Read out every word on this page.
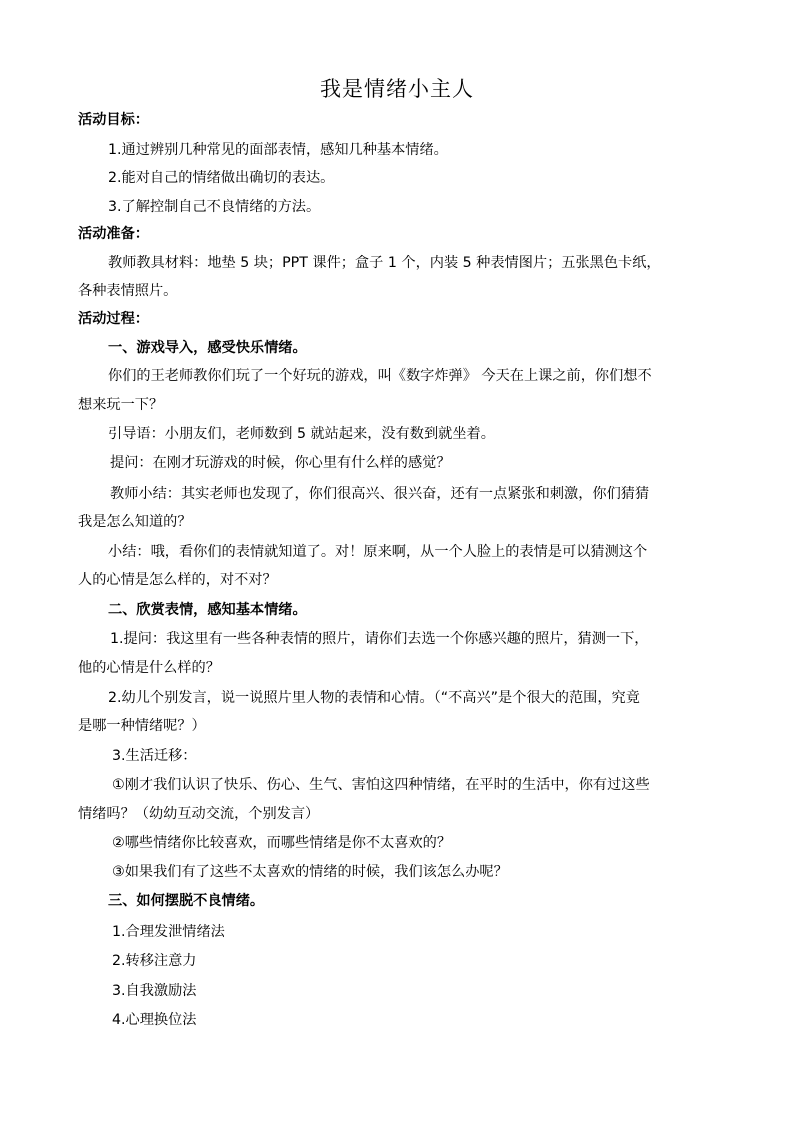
我是情绪小主人
活动目标：
1.通过辨别几种常见的面部表情，感知几种基本情绪。
2.能对自己的情绪做出确切的表达。
3.了解控制自己不良情绪的方法。
活动准备：
教师教具材料：地垫 5 块；PPT 课件；盒子 1 个，内装 5 种表情图片；五张黑色卡纸，
各种表情照片。
活动过程：
一、游戏导入，感受快乐情绪。
你们的王老师教你们玩了一个好玩的游戏，叫《数字炸弹》 今天在上课之前，你们想不
想来玩一下？
引导语：小朋友们，老师数到 5 就站起来，没有数到就坐着。
提问：在刚才玩游戏的时候，你心里有什么样的感觉？
教师小结：其实老师也发现了，你们很高兴、很兴奋，还有一点紧张和刺激，你们猜猜
我是怎么知道的？
小结：哦，看你们的表情就知道了。对！原来啊，从一个人脸上的表情是可以猜测这个
人的心情是怎么样的，对不对？
二、欣赏表情，感知基本情绪。
1.提问：我这里有一些各种表情的照片，请你们去选一个你感兴趣的照片，猜测一下，
他的心情是什么样的？
2.幼儿个别发言，说一说照片里人物的表情和心情。（“不高兴”是个很大的范围，究竟
是哪一种情绪呢？）
3.生活迁移：
①刚才我们认识了快乐、伤心、生气、害怕这四种情绪，在平时的生活中，你有过这些
情绪吗？（幼幼互动交流，个别发言）
②哪些情绪你比较喜欢，而哪些情绪是你不太喜欢的？
③如果我们有了这些不太喜欢的情绪的时候，我们该怎么办呢？
三、如何摆脱不良情绪。
1.合理发泄情绪法
2.转移注意力
3.自我激励法
4.心理换位法
